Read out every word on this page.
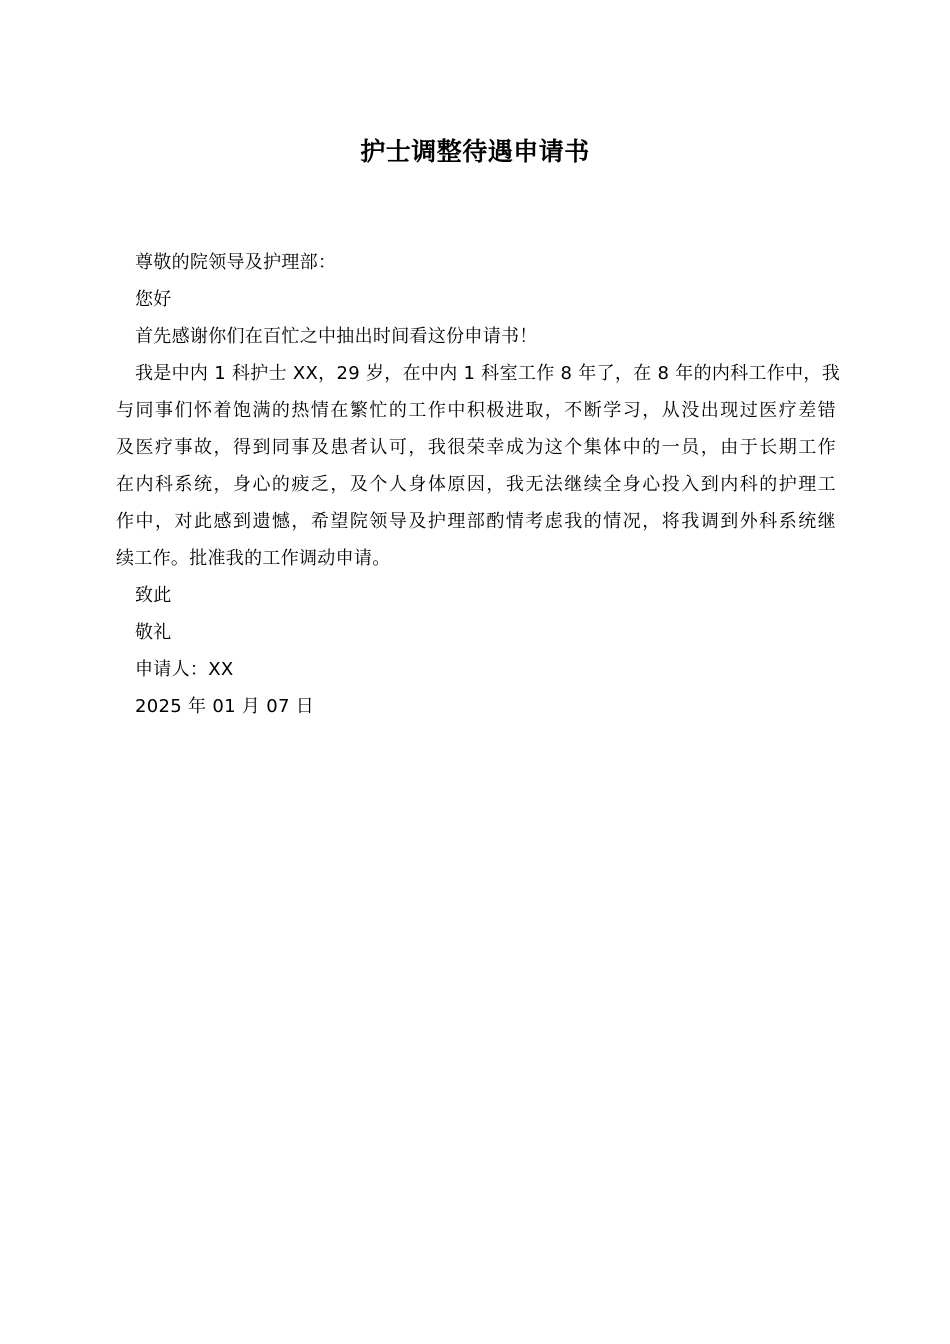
护士调整待遇申请书

尊敬的院领导及护理部：

您好

首先感谢你们在百忙之中抽出时间看这份申请书！

我是中内 1 科护士 XX，29 岁，在中内 1 科室工作 8 年了，在 8 年的内科工作中，我
与同事们怀着饱满的热情在繁忙的工作中积极进取，不断学习，从没出现过医疗差错
及医疗事故，得到同事及患者认可，我很荣幸成为这个集体中的一员，由于长期工作
在内科系统，身心的疲乏，及个人身体原因，我无法继续全身心投入到内科的护理工
作中，对此感到遗憾，希望院领导及护理部酌情考虑我的情况，将我调到外科系统继
续工作。批准我的工作调动申请。

致此

敬礼

申请人：XX

2025 年 01 月 07 日
